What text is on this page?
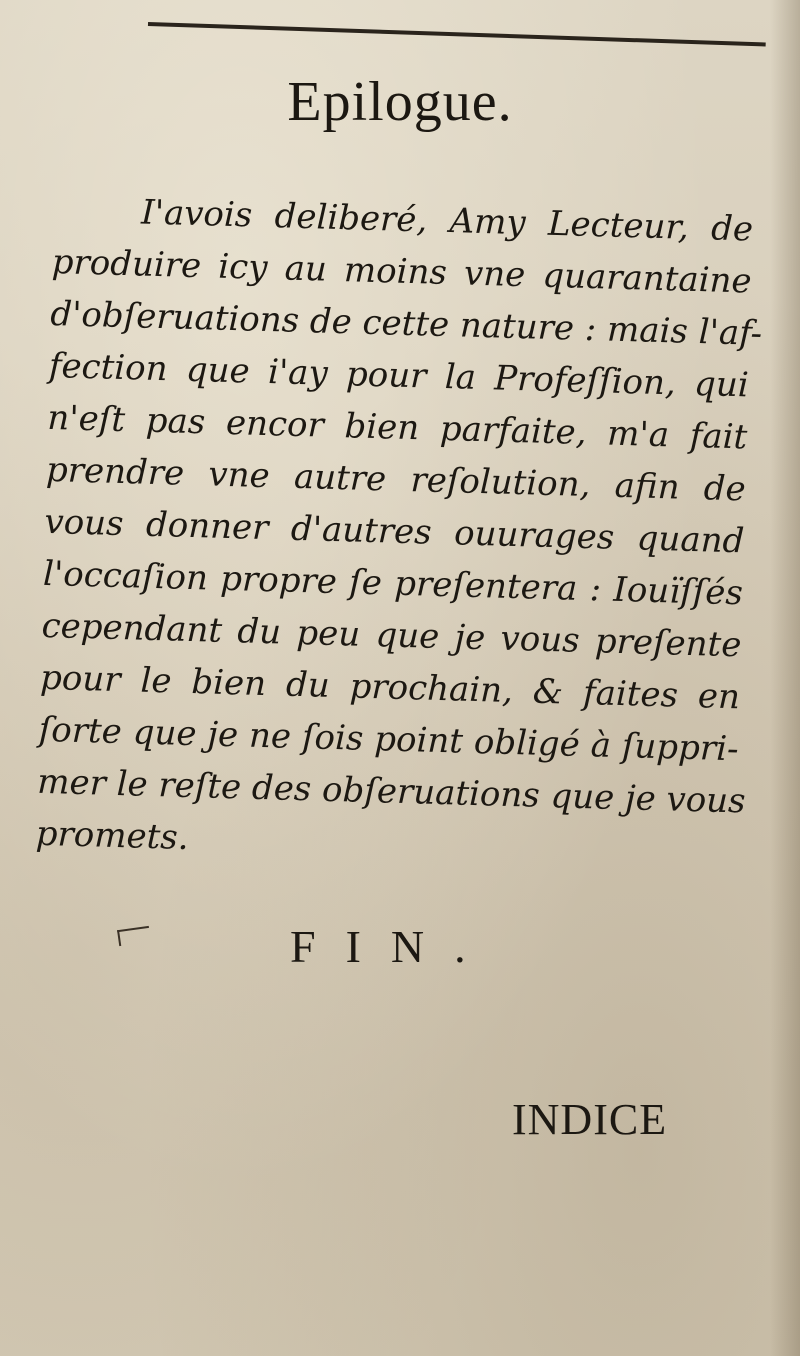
Epilogue.
I'avois deliberé, Amy Lecteur, de
produire icy au moins vne quarantaine
d'obſeruations de cette nature : mais l'af-
fection que i'ay pour la Profeſſion, qui
n'eſt pas encor bien parfaite, m'a fait
prendre vne autre reſolution, afin de
vous donner d'autres ouurages quand
l'occaſion propre ſe preſentera : Iouïſſés
cependant du peu que je vous preſente
pour le bien du prochain, & faites en
ſorte que je ne ſois point obligé à ſuppri-
mer le reſte des obſeruations que je vous
promets.
FIN.
INDICE
